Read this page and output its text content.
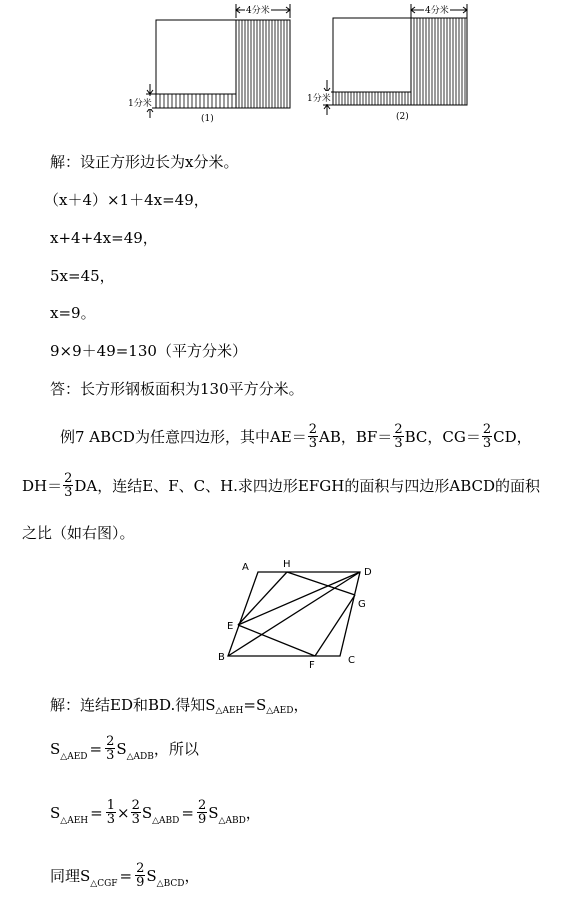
4分米
1分米
(1)
4分米
1分米
(2)
解：设正方形边长为x分米。
（x＋4）×1＋4x=49，
x+4+4x=49，
5x=45，
x=9。
9×9＋49=130（平方分米）
答：长方形钢板面积为130平方分米。
例7 ABCD为任意四边形，其中$AE= \frac{2}{3}$ AB，$BF= \frac{2}{3}$ BC，$CG= \frac{2}{3}$ CD，
$DH= \frac{2}{3}$ DA，连结E、F、C、H.求四边形EFGH的面积与四边形ABCD的面积
之比（如右图）。
A	H
D
G
E
B
F	C
解：连结ED和BD.得知$S_{\triangle AEH}=S_{\triangle AED}$，
$S_{\triangle AED} = \frac{2}{3} S_{\triangle ADB}$ ，所以
$S_{\triangle AEH} = \frac{1}{3} \times \frac{2}{3} S_{\triangle ABD} = \frac{2}{9} S_{\triangle ABD}$ ，
同理$S_{\triangle CGF} = \frac{2}{9} S_{\triangle BCD}$ ，
